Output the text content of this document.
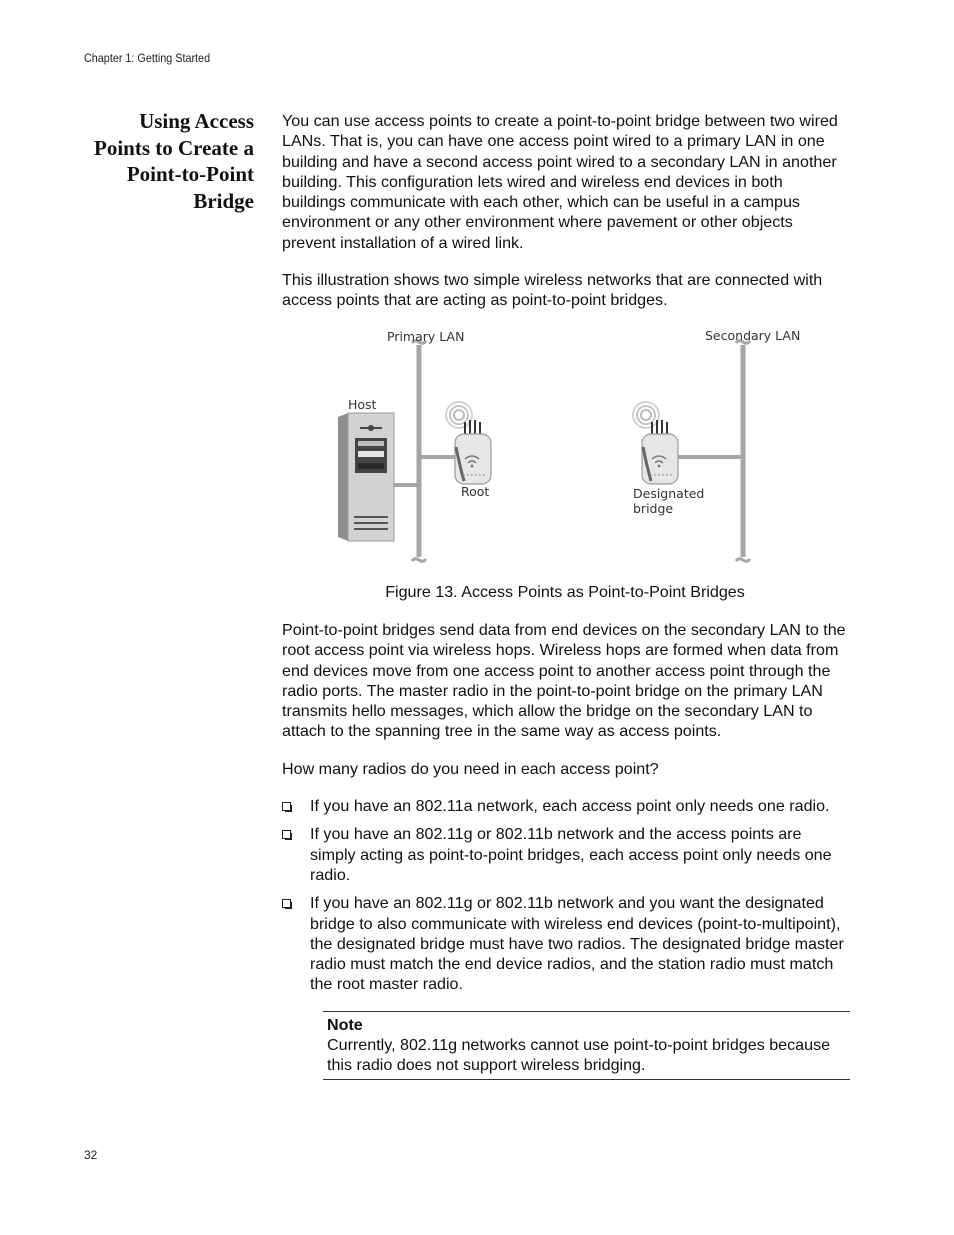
Chapter 1: Getting Started
Using Access
Points to Create a
Point-to-Point
Bridge

You can use access points to create a point-to-point bridge between two wired LANs. That is, you can have one access point wired to a primary LAN in one building and have a second access point wired to a secondary LAN in another building. This configuration lets wired and wireless end devices in both buildings communicate with each other, which can be useful in a campus environment or any other environment where pavement or other objects prevent installation of a wired link.

This illustration shows two simple wireless networks that are connected with access points that are acting as point-to-point bridges.

Primary LAN	Secondary LAN
Host
Root	Designated
bridge
Figure 13. Access Points as Point-to-Point Bridges

Point-to-point bridges send data from end devices on the secondary LAN to the root access point via wireless hops. Wireless hops are formed when data from end devices move from one access point to another access point through the radio ports. The master radio in the point-to-point bridge on the primary LAN transmits hello messages, which allow the bridge on the secondary LAN to attach to the spanning tree in the same way as access points.

How many radios do you need in each access point?

If you have an 802.11a network, each access point only needs one radio.
If you have an 802.11g or 802.11b network and the access points are simply acting as point-to-point bridges, each access point only needs one radio.
If you have an 802.11g or 802.11b network and you want the designated bridge to also communicate with wireless end devices (point-to-multipoint), the designated bridge must have two radios. The designated bridge master radio must match the end device radios, and the station radio must match the root master radio.
Note
Currently, 802.11g networks cannot use point-to-point bridges because this radio does not support wireless bridging.
32
